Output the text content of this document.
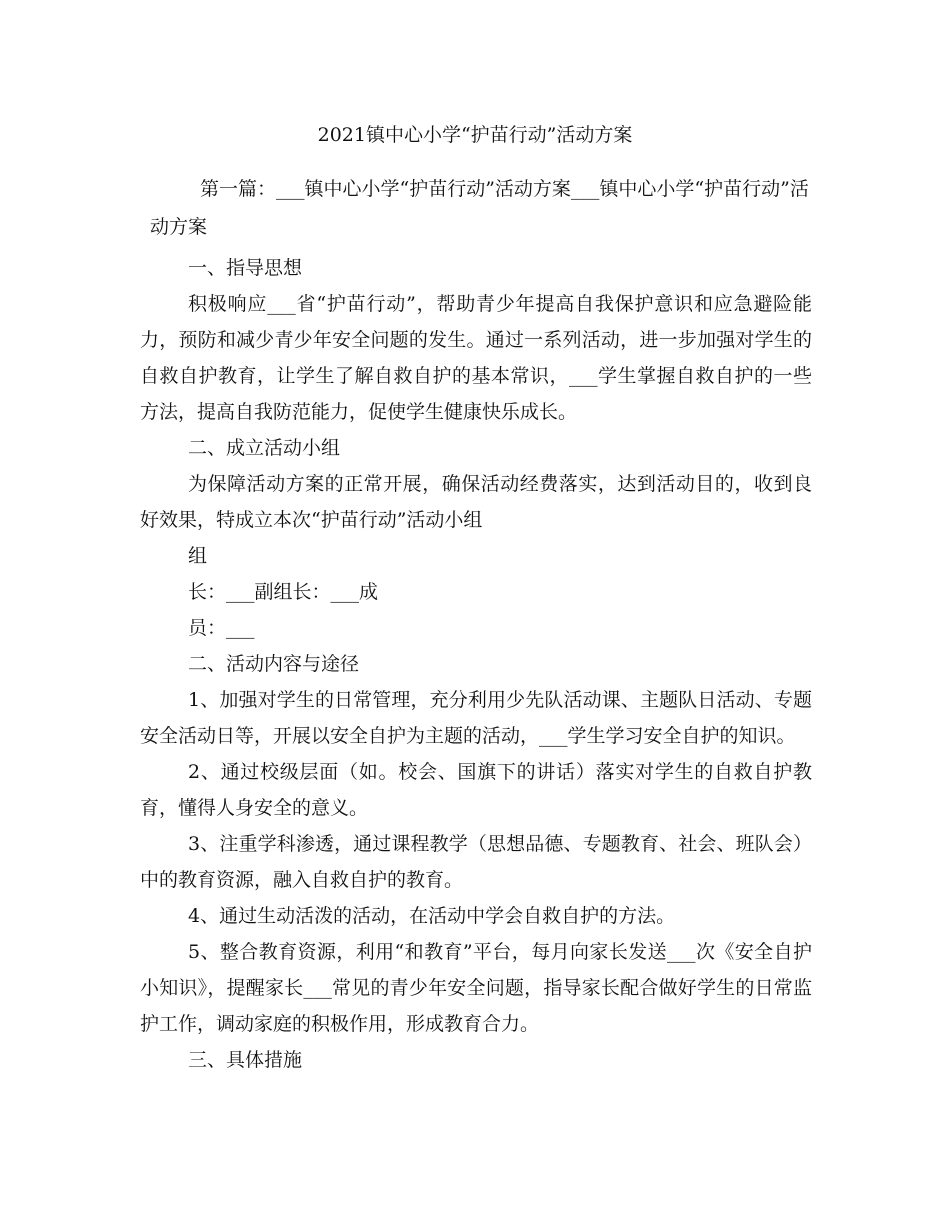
2021镇中心小学“护苗行动”活动方案
第一篇：___镇中心小学“护苗行动”活动方案___镇中心小学“护苗行动”活动方案

一、指导思想

积极响应___省“护苗行动”，帮助青少年提高自我保护意识和应急避险能力，预防和减少青少年安全问题的发生。通过一系列活动，进一步加强对学生的自救自护教育，让学生了解自救自护的基本常识，___学生掌握自救自护的一些方法，提高自我防范能力，促使学生健康快乐成长。

二、成立活动小组

为保障活动方案的正常开展，确保活动经费落实，达到活动目的，收到良好效果，特成立本次“护苗行动”活动小组

组

长：___副组长：___成

员：___

二、活动内容与途径

1、加强对学生的日常管理，充分利用少先队活动课、主题队日活动、专题安全活动日等，开展以安全自护为主题的活动，___学生学习安全自护的知识。

2、通过校级层面（如。校会、国旗下的讲话）落实对学生的自救自护教育，懂得人身安全的意义。

3、注重学科渗透，通过课程教学（思想品德、专题教育、社会、班队会）中的教育资源，融入自救自护的教育。

4、通过生动活泼的活动，在活动中学会自救自护的方法。

5、整合教育资源，利用“和教育”平台，每月向家长发送___次《安全自护小知识》，提醒家长___常见的青少年安全问题，指导家长配合做好学生的日常监护工作，调动家庭的积极作用，形成教育合力。

三、具体措施
